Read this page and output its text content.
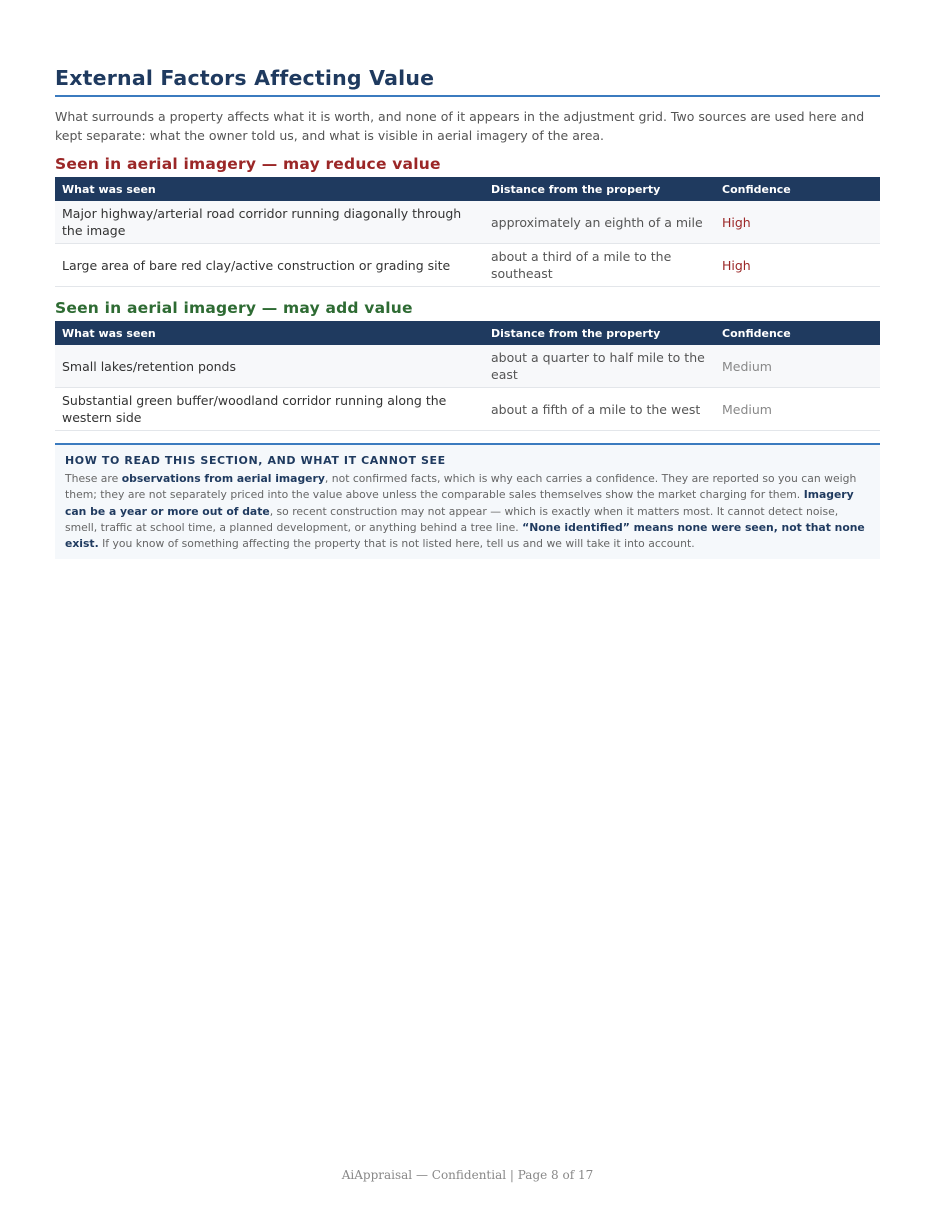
External Factors Affecting Value

What surrounds a property affects what it is worth, and none of it appears in the adjustment grid. Two sources are used here and kept separate: what the owner told us, and what is visible in aerial imagery of the area.

Seen in aerial imagery — may reduce value
What was seen	Distance from the property	Confidence
Major highway/arterial road corridor running diagonally through the image	approximately an eighth of a mile	High
Large area of bare red clay/active construction or grading site	about a third of a mile to the southeast	High
Seen in aerial imagery — may add value
What was seen	Distance from the property	Confidence
Small lakes/retention ponds	about a quarter to half mile to the east	Medium
Substantial green buffer/woodland corridor running along the western side	about a fifth of a mile to the west	Medium
HOW TO READ THIS SECTION, AND WHAT IT CANNOT SEE
These are observations from aerial imagery, not confirmed facts, which is why each carries a confidence. They are reported so you can weigh them; they are not separately priced into the value above unless the comparable sales themselves show the market charging for them. Imagery can be a year or more out of date, so recent construction may not appear — which is exactly when it matters most. It cannot detect noise, smell, traffic at school time, a planned development, or anything behind a tree line. “None identified” means none were seen, not that none exist. If you know of something affecting the property that is not listed here, tell us and we will take it into account.
AiAppraisal — Confidential | Page 8 of 17
